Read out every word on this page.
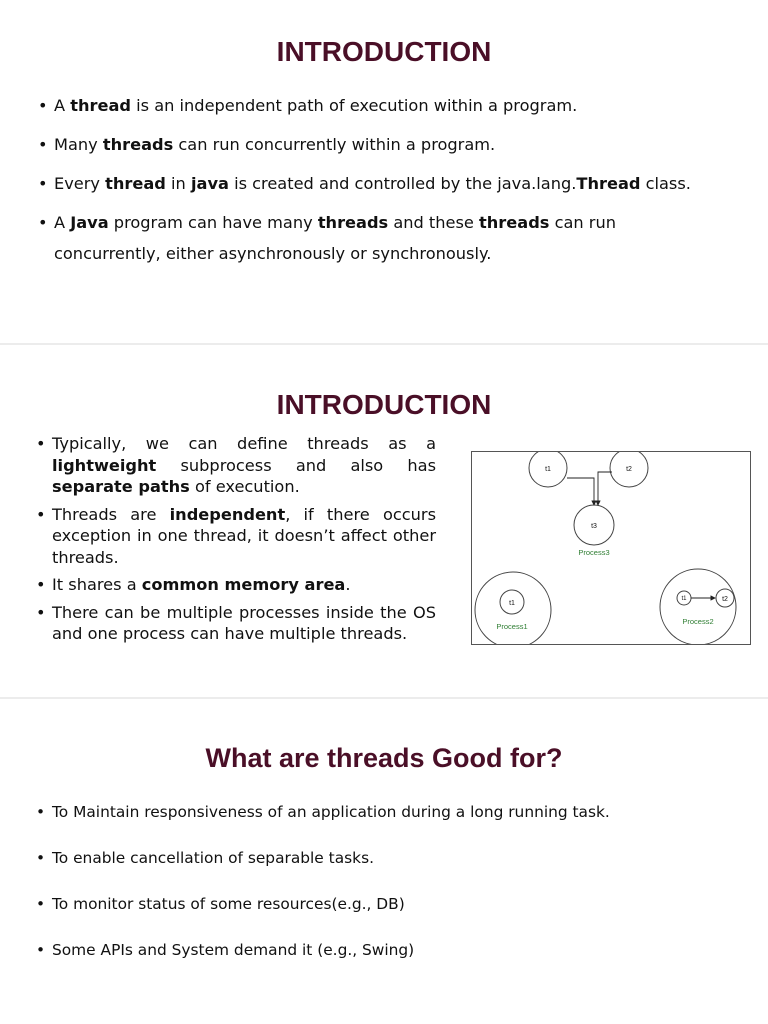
INTRODUCTION
• A thread is an independent path of execution within a program.
• Many threads can run concurrently within a program.
• Every thread in java is created and controlled by the java.lang.Thread class.
• A Java program can have many threads and these threads can run concurrently, either asynchronously or synchronously.
INTRODUCTION
• Typically, we can define threads as a lightweight subprocess and also has separate paths of execution.
• Threads are independent, if there occurs exception in one thread, it doesn’t affect other threads.
• It shares a common memory area.
• There can be multiple processes inside the OS and one process can have multiple threads.
t1	t2
t3
Process3
t1
Process1
t1	t2
Process2
What are threads Good for?
• To Maintain responsiveness of an application during a long running task.
• To enable cancellation of separable tasks.
• To monitor status of some resources(e.g., DB)
• Some APIs and System demand it (e.g., Swing)
